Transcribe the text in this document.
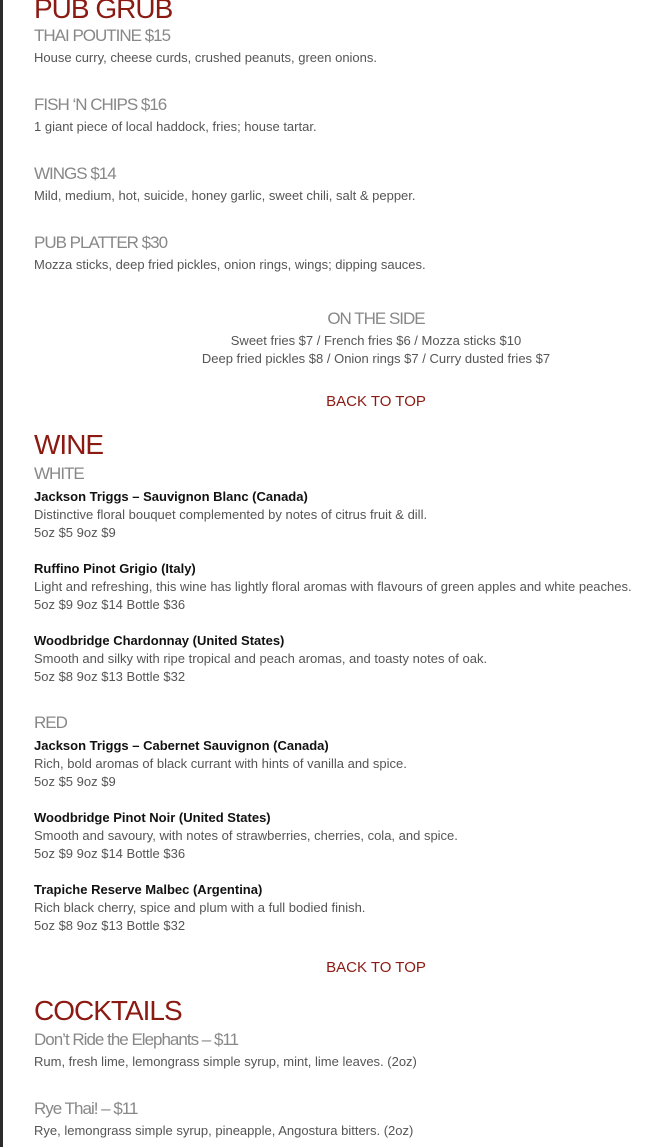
PUB GRUB
THAI POUTINE $15
House curry, cheese curds, crushed peanuts, green onions.
FISH ‘N CHIPS $16
1 giant piece of local haddock, fries; house tartar.
WINGS $14
Mild, medium, hot, suicide, honey garlic, sweet chili, salt & pepper.
PUB PLATTER $30
Mozza sticks, deep fried pickles, onion rings, wings; dipping sauces.
ON THE SIDE
Sweet fries $7 / French fries $6 / Mozza sticks $10
Deep fried pickles $8 / Onion rings $7 / Curry dusted fries $7
BACK TO TOP
WINE
WHITE
Jackson Triggs – Sauvignon Blanc (Canada)
Distinctive floral bouquet complemented by notes of citrus fruit & dill.
5oz $5 9oz $9
Ruffino Pinot Grigio (Italy)
Light and refreshing, this wine has lightly floral aromas with flavours of green apples and white peaches.
5oz $9 9oz $14 Bottle $36
Woodbridge Chardonnay (United States)
Smooth and silky with ripe tropical and peach aromas, and toasty notes of oak.
5oz $8 9oz $13 Bottle $32
RED
Jackson Triggs – Cabernet Sauvignon (Canada)
Rich, bold aromas of black currant with hints of vanilla and spice.
5oz $5 9oz $9
Woodbridge Pinot Noir (United States)
Smooth and savoury, with notes of strawberries, cherries, cola, and spice.
5oz $9 9oz $14 Bottle $36
Trapiche Reserve Malbec (Argentina)
Rich black cherry, spice and plum with a full bodied finish.
5oz $8 9oz $13 Bottle $32
BACK TO TOP
COCKTAILS
Don’t Ride the Elephants – $11
Rum, fresh lime, lemongrass simple syrup, mint, lime leaves. (2oz)
Rye Thai! – $11
Rye, lemongrass simple syrup, pineapple, Angostura bitters. (2oz)
